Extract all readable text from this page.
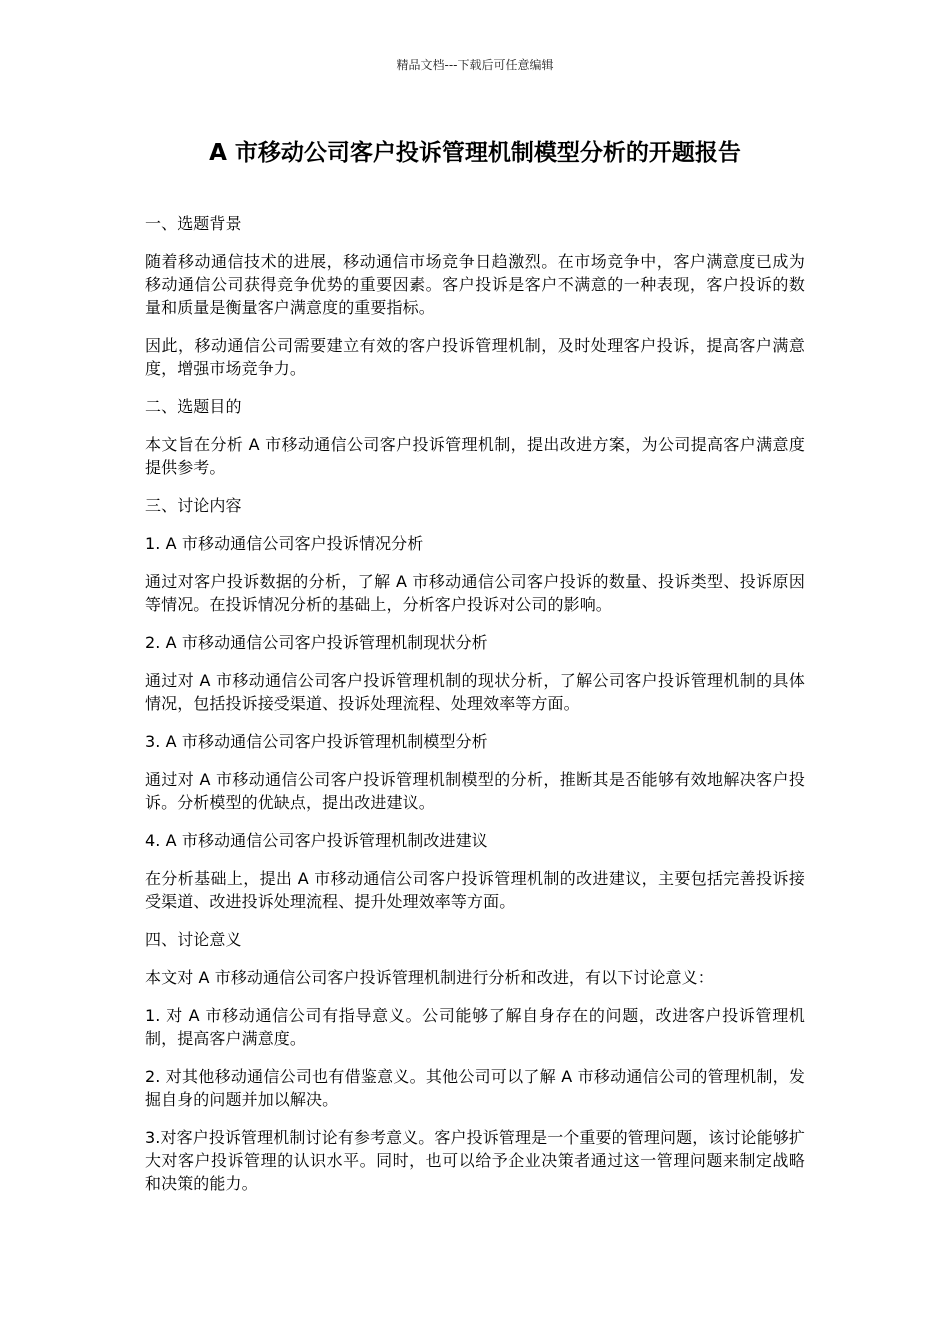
精品文档---下载后可任意编辑
A 市移动公司客户投诉管理机制模型分析的开题报告

一、选题背景

随着移动通信技术的进展，移动通信市场竞争日趋激烈。在市场竞争中，客户满意度已成为移动通信公司获得竞争优势的重要因素。客户投诉是客户不满意的一种表现，客户投诉的数量和质量是衡量客户满意度的重要指标。

因此，移动通信公司需要建立有效的客户投诉管理机制，及时处理客户投诉，提高客户满意度，增强市场竞争力。

二、选题目的

本文旨在分析 A 市移动通信公司客户投诉管理机制，提出改进方案，为公司提高客户满意度提供参考。

三、讨论内容

1. A 市移动通信公司客户投诉情况分析

通过对客户投诉数据的分析，了解 A 市移动通信公司客户投诉的数量、投诉类型、投诉原因等情况。在投诉情况分析的基础上，分析客户投诉对公司的影响。

2. A 市移动通信公司客户投诉管理机制现状分析

通过对 A 市移动通信公司客户投诉管理机制的现状分析，了解公司客户投诉管理机制的具体情况，包括投诉接受渠道、投诉处理流程、处理效率等方面。

3. A 市移动通信公司客户投诉管理机制模型分析

通过对 A 市移动通信公司客户投诉管理机制模型的分析，推断其是否能够有效地解决客户投诉。分析模型的优缺点，提出改进建议。

4. A 市移动通信公司客户投诉管理机制改进建议

在分析基础上，提出 A 市移动通信公司客户投诉管理机制的改进建议，主要包括完善投诉接受渠道、改进投诉处理流程、提升处理效率等方面。

四、讨论意义

本文对 A 市移动通信公司客户投诉管理机制进行分析和改进，有以下讨论意义：

1. 对 A 市移动通信公司有指导意义。公司能够了解自身存在的问题，改进客户投诉管理机制，提高客户满意度。

2. 对其他移动通信公司也有借鉴意义。其他公司可以了解 A 市移动通信公司的管理机制，发掘自身的问题并加以解决。

3.对客户投诉管理机制讨论有参考意义。客户投诉管理是一个重要的管理问题，该讨论能够扩大对客户投诉管理的认识水平。同时，也可以给予企业决策者通过这一管理问题来制定战略和决策的能力。
